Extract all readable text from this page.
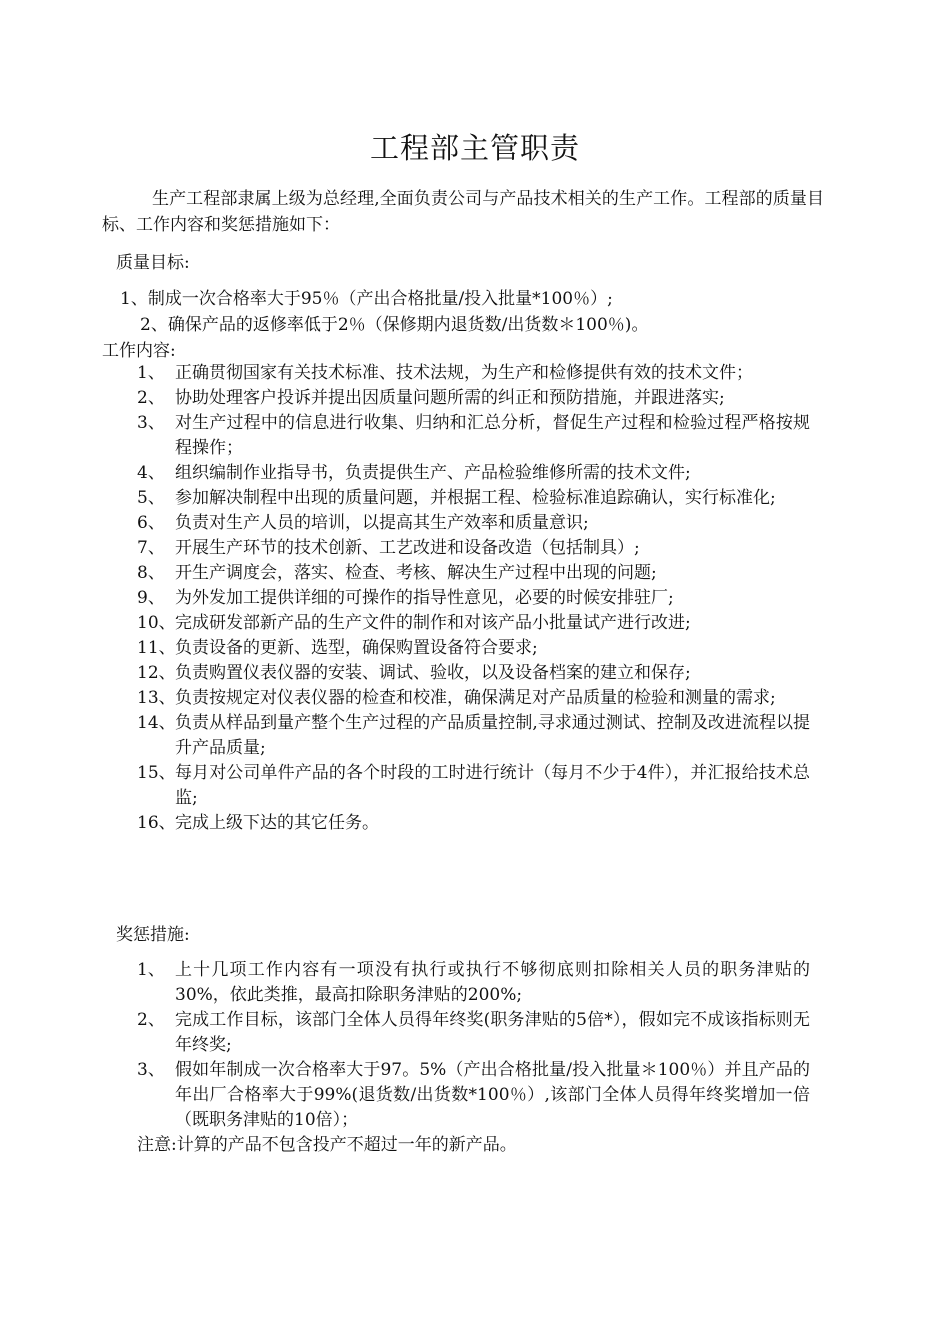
工程部主管职责
生产工程部隶属上级为总经理,全面负责公司与产品技术相关的生产工作。工程部的质量目标、工作内容和奖惩措施如下：
质量目标:
1、制成一次合格率大于95％（产出合格批量/投入批量*100％）;
2、确保产品的返修率低于2％（保修期内退货数/出货数＊100％)。
工作内容:
1、 正确贯彻国家有关技术标准、技术法规，为生产和检修提供有效的技术文件；
2、 协助处理客户投诉并提出因质量问题所需的纠正和预防措施，并跟进落实;
3、 对生产过程中的信息进行收集、归纳和汇总分析，督促生产过程和检验过程严格按规程操作；
4、 组织编制作业指导书，负责提供生产、产品检验维修所需的技术文件;
5、 参加解决制程中出现的质量问题，并根据工程、检验标准追踪确认，实行标准化;
6、 负责对生产人员的培训，以提高其生产效率和质量意识;
7、 开展生产环节的技术创新、工艺改进和设备改造（包括制具）;
8、 开生产调度会，落实、检查、考核、解决生产过程中出现的问题;
9、 为外发加工提供详细的可操作的指导性意见，必要的时候安排驻厂;
10、 完成研发部新产品的生产文件的制作和对该产品小批量试产进行改进;
11、 负责设备的更新、选型，确保购置设备符合要求;
12、 负责购置仪表仪器的安装、调试、验收，以及设备档案的建立和保存;
13、 负责按规定对仪表仪器的检查和校准，确保满足对产品质量的检验和测量的需求;
14、 负责从样品到量产整个生产过程的产品质量控制,寻求通过测试、控制及改进流程以提升产品质量;
15、 每月对公司单件产品的各个时段的工时进行统计（每月不少于4件），并汇报给技术总监;
16、 完成上级下达的其它任务。
奖惩措施:
1、 上十几项工作内容有一项没有执行或执行不够彻底则扣除相关人员的职务津贴的30%，依此类推，最高扣除职务津贴的200%;
2、 完成工作目标，该部门全体人员得年终奖(职务津贴的5倍*），假如完不成该指标则无年终奖;
3、 假如年制成一次合格率大于97。5%（产出合格批量/投入批量＊100％）并且产品的年出厂合格率大于99%(退货数/出货数*100％）,该部门全体人员得年终奖增加一倍（既职务津贴的10倍）；
注意:计算的产品不包含投产不超过一年的新产品。
